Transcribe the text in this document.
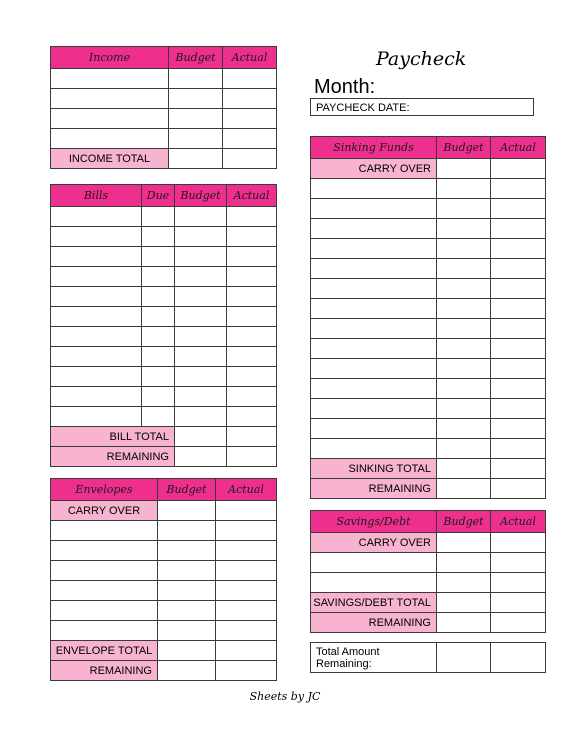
Paycheck
Month:
PAYCHECK DATE:
Income	Budget	Actual

INCOME TOTAL		
Bills	Due	Budget	Actual

BILL TOTAL			
REMAINING			
Envelopes	Budget	Actual
CARRY OVER		

ENVELOPE TOTAL		
REMAINING		
Sinking Funds	Budget	Actual
CARRY OVER		

SINKING TOTAL		
REMAINING		
Savings/Debt	Budget	Actual
CARRY OVER		

SAVINGS/DEBT TOTAL		
REMAINING		
Total Amount Remaining:		
Sheets by JC
